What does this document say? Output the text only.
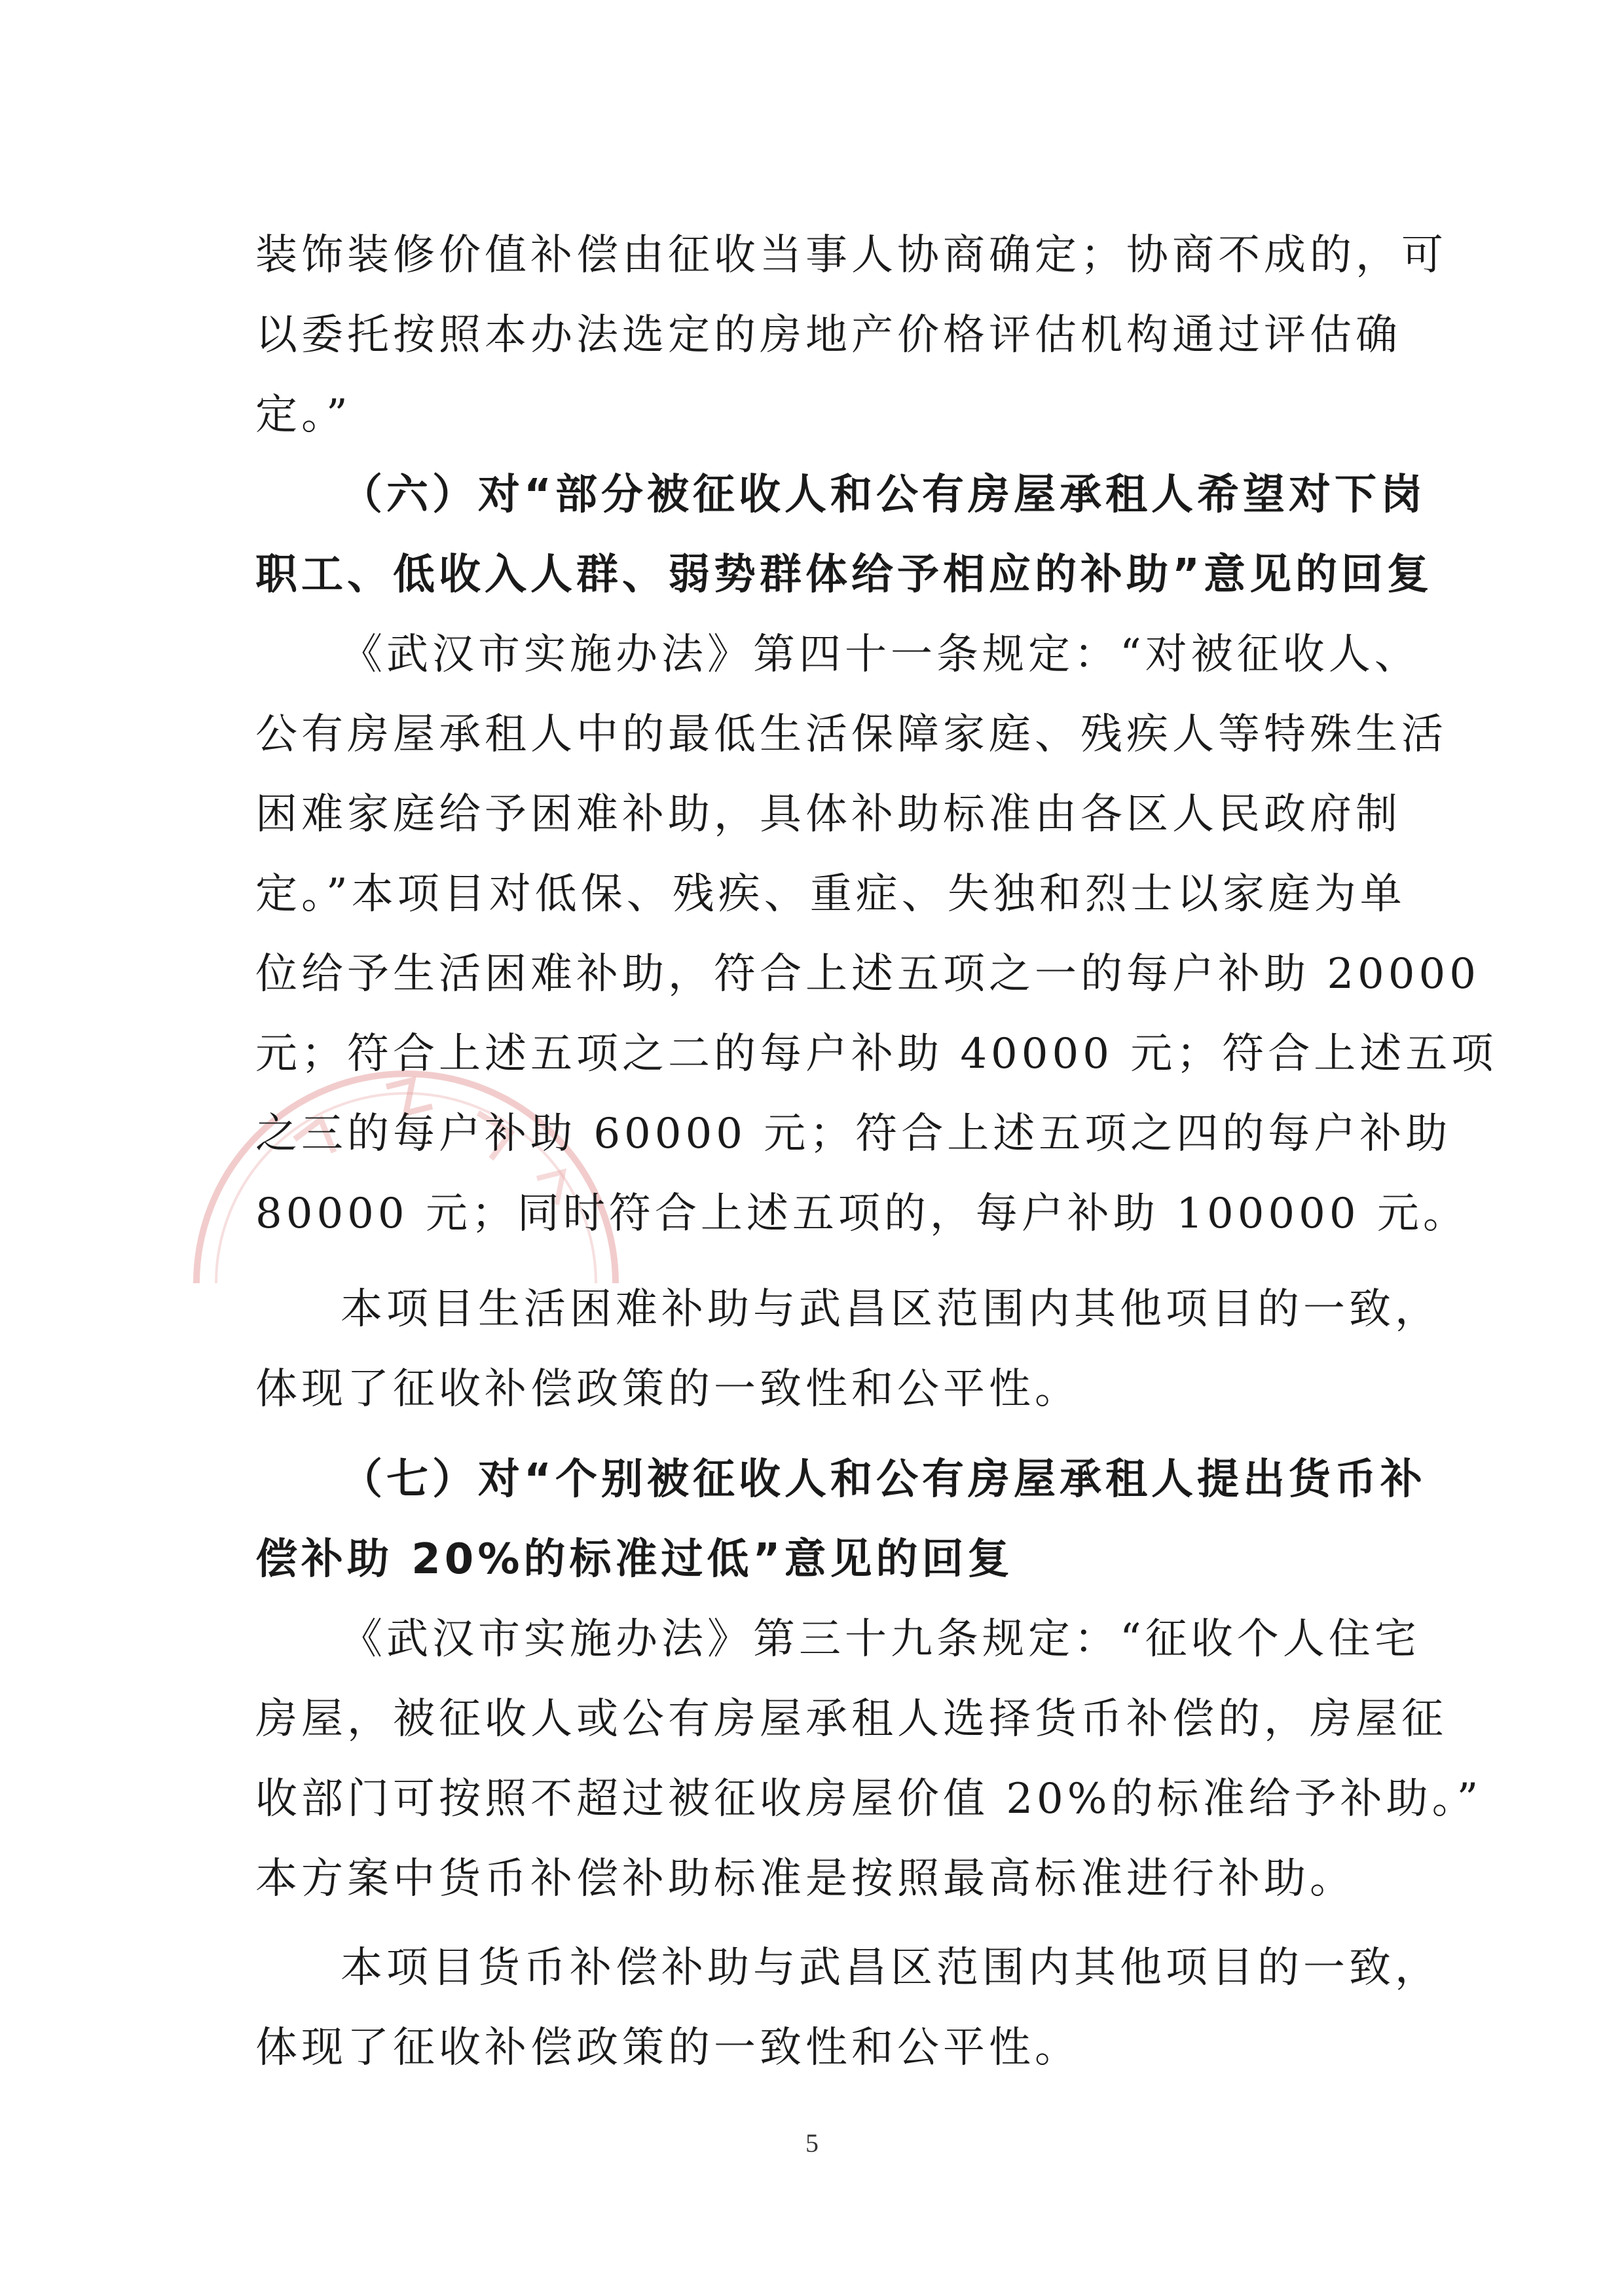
装饰装修价值补偿由征收当事人协商确定；协商不成的，可
以委托按照本办法选定的房地产价格评估机构通过评估确
定。”
（六）对“部分被征收人和公有房屋承租人希望对下岗
职工、低收入人群、弱势群体给予相应的补助”意见的回复
《武汉市实施办法》第四十一条规定：“对被征收人、
公有房屋承租人中的最低生活保障家庭、残疾人等特殊生活
困难家庭给予困难补助，具体补助标准由各区人民政府制
定。”本项目对低保、残疾、重症、失独和烈士以家庭为单
位给予生活困难补助，符合上述五项之一的每户补助 20000
元；符合上述五项之二的每户补助 40000 元；符合上述五项
之三的每户补助 60000 元；符合上述五项之四的每户补助
80000 元；同时符合上述五项的，每户补助 100000 元。
本项目生活困难补助与武昌区范围内其他项目的一致，
体现了征收补偿政策的一致性和公平性。
（七）对“个别被征收人和公有房屋承租人提出货币补
偿补助 20%的标准过低”意见的回复
《武汉市实施办法》第三十九条规定：“征收个人住宅
房屋，被征收人或公有房屋承租人选择货币补偿的，房屋征
收部门可按照不超过被征收房屋价值 20%的标准给予补助。”
本方案中货币补偿补助标准是按照最高标准进行补助。
本项目货币补偿补助与武昌区范围内其他项目的一致，
体现了征收补偿政策的一致性和公平性。
5
